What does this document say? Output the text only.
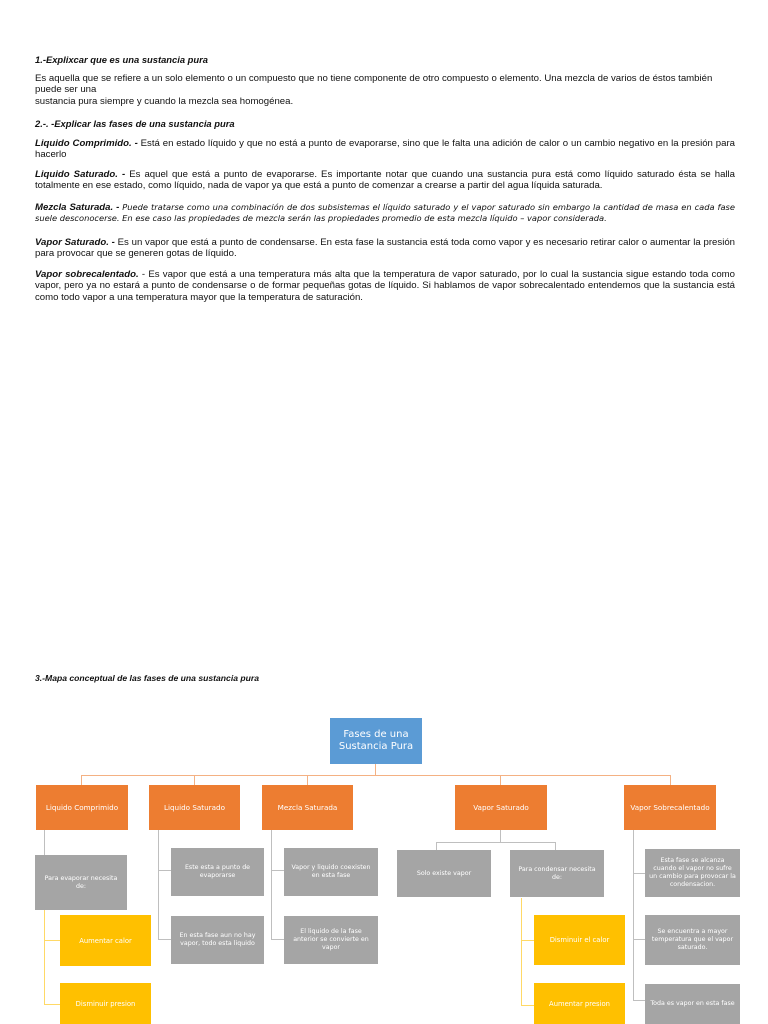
1.-Explixcar que es una sustancia pura
Es aquella que se refiere a un solo elemento o un compuesto que no tiene componente de otro compuesto o elemento. Una mezcla de varios de éstos también puede ser una
sustancia pura siempre y cuando la mezcla sea homogénea.
2.-. -Explicar las fases de una sustancia pura
Liquido Comprimido. - Está en estado líquido y que no está a punto de evaporarse, sino que le falta una adición de calor o un cambio negativo en la presión para hacerlo
Liquido Saturado. - Es aquel que está a punto de evaporarse. Es importante notar que cuando una sustancia pura está como líquido saturado ésta se halla totalmente en ese estado, como líquido, nada de vapor ya que está a punto de comenzar a crearse a partir del agua líquida saturada.
Mezcla Saturada. - Puede tratarse como una combinación de dos subsistemas el líquido saturado y el vapor saturado sin embargo la cantidad de masa en cada fase suele desconocerse. En ese caso las propiedades de mezcla serán las propiedades promedio de esta mezcla líquido – vapor considerada.
Vapor Saturado. - Es un vapor que está a punto de condensarse. En esta fase la sustancia está toda como vapor y es necesario retirar calor o aumentar la presión para provocar que se generen gotas de líquido.
Vapor sobrecalentado. - Es vapor que está a una temperatura más alta que la temperatura de vapor saturado, por lo cual la sustancia sigue estando toda como vapor, pero ya no estará a punto de condensarse o de formar pequeñas gotas de líquido. Si hablamos de vapor sobrecalentado entendemos que la sustancia está como todo vapor a una temperatura mayor que la temperatura de saturación.
3.-Mapa conceptual de las fases de una sustancia pura
Fases de una Sustancia Pura
Liquido Comprimido
Para evaporar necesita de:
Aumentar calor
Disminuir presion
Liquido Saturado
Este esta a punto de evaporarse
En esta fase aun no hay vapor, todo esta liquido
Mezcla Saturada
Vapor y liquido coexisten en esta fase
El liquido de la fase anterior se convierte en vapor
Vapor Saturado
Solo existe vapor
Para condensar necesita de:
Disminuir el calor
Aumentar presion
Vapor Sobrecalentado
Esta fase se alcanza cuando el vapor no sufre un cambio para provocar la condensacion.
Se encuentra a mayor temperatura que el vapor saturado.
Toda es vapor en esta fase
